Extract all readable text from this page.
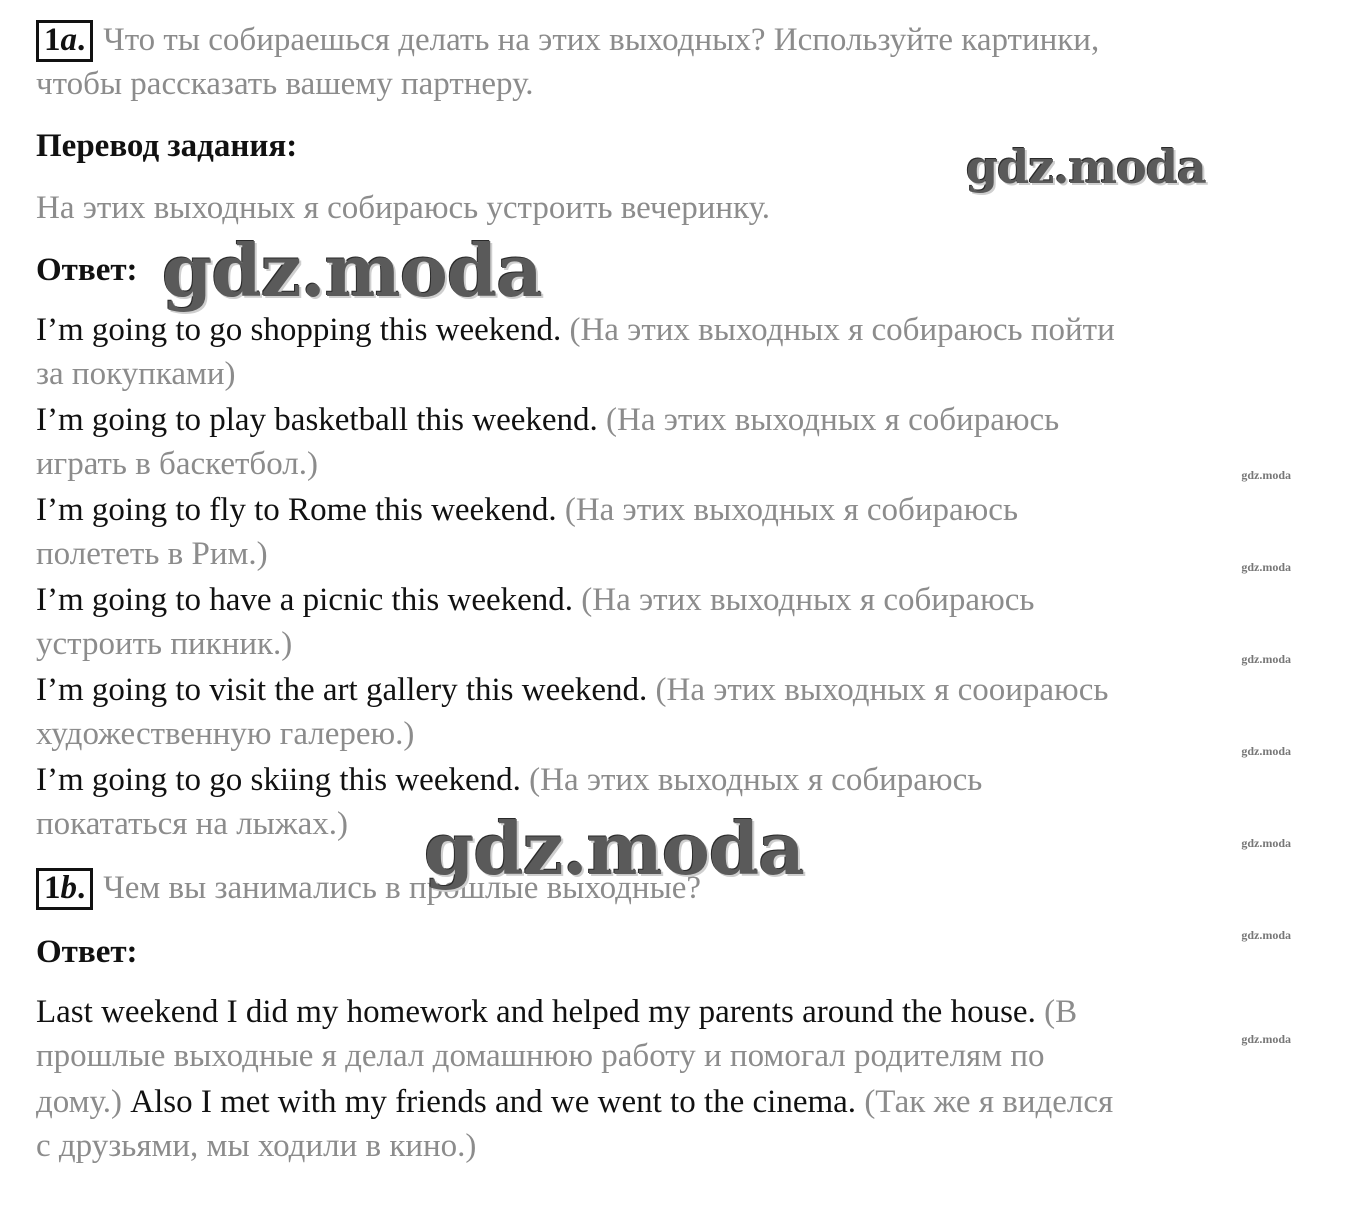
1a. Что ты собираешься делать на этих выходных? Используйте картинки,
чтобы рассказать вашему партнеру.
Перевод задания:
На этих выходных я собираюсь устроить вечеринку.
Ответ:
I’m going to go shopping this weekend. (На этих выходных я собираюсь пойти
за покупками)
I’m going to play basketball this weekend. (На этих выходных я собираюсь
играть в баскетбол.)
I’m going to fly to Rome this weekend. (На этих выходных я собираюсь
полететь в Рим.)
I’m going to have a picnic this weekend. (На этих выходных я собираюсь
устроить пикник.)
I’m going to visit the art gallery this weekend. (На этих выходных я соoираюсь
художественную галерею.)
I’m going to go skiing this weekend. (На этих выходных я собираюсь
покататься на лыжах.)
1b. Чем вы занимались в прошлые выходные?
Ответ:
Last weekend I did my homework and helped my parents around the house. (В
прошлые выходные я делал домашнюю работу и помогал родителям по
дому.) Also I met with my friends and we went to the cinema. (Так же я виделся
с друзьями, мы ходили в кино.)
gdz.moda
gdz.moda
gdz.moda
gdz.moda
gdz.moda
gdz.moda
gdz.moda
gdz.moda
gdz.moda
gdz.moda
